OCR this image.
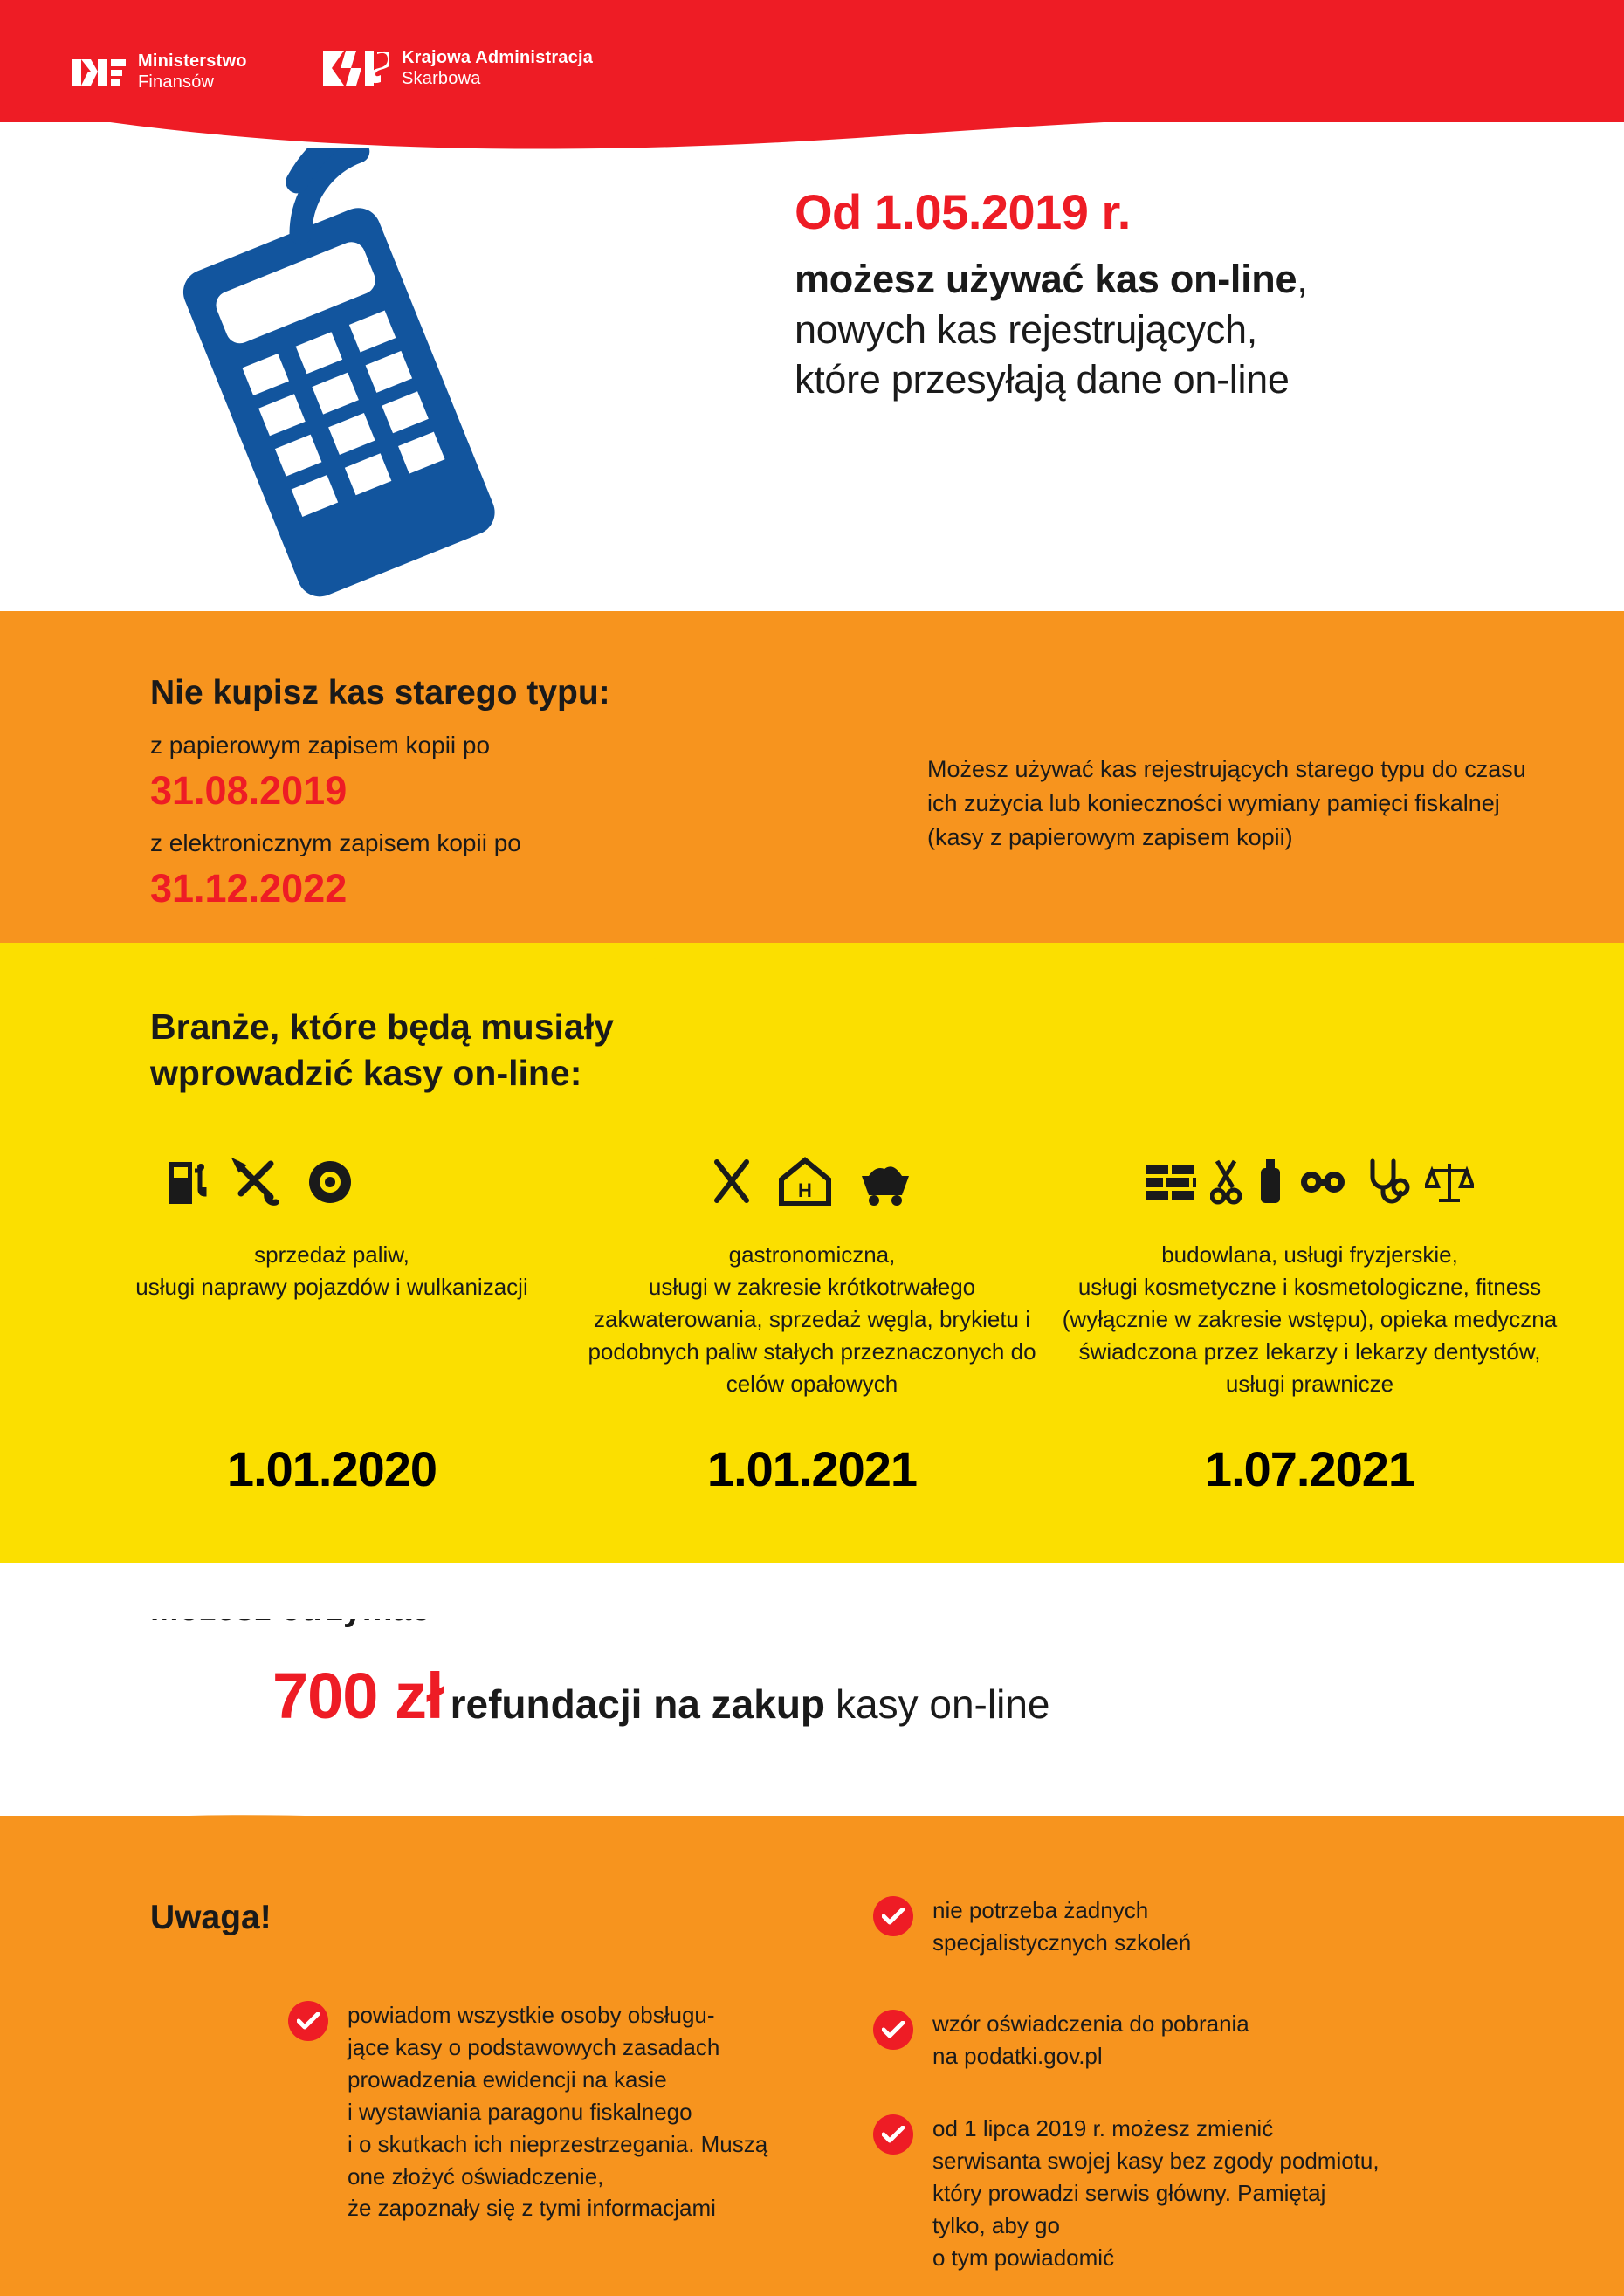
Ministerstwo
Finansów
Krajowa Administracja
Skarbowa
Od 1.05.2019 r.
możesz używać kas on-line,
nowych kas rejestrujących,
które przesyłają dane on-line
Nie kupisz kas starego typu:
z papierowym zapisem kopii po
31.08.2019
z elektronicznym zapisem kopii po
31.12.2022
Możesz używać kas rejestrujących starego typu do czasu ich zużycia lub konieczności wymiany pamięci fiskalnej (kasy z papierowym zapisem kopii)
Branże, które będą musiały
wprowadzić kasy on-line:
sprzedaż paliw,
usługi naprawy pojazdów i wulkanizacji
H
gastronomiczna,
usługi w zakresie krótkotrwałego zakwaterowania, sprzedaż węgla, brykietu i podobnych paliw stałych przeznaczonych do celów opałowych
budowlana, usługi fryzjerskie,
usługi kosmetyczne i kosmetologiczne, fitness (wyłącznie w zakresie wstępu), opieka medyczna świadczona przez lekarzy i lekarzy dentystów, usługi prawnicze
1.01.2020	1.01.2021	1.07.2021
700 zł refundacji na zakup kasy on-line
Uwaga!
powiadom wszystkie osoby obsługu-
jące kasy o podstawowych zasadach prowadzenia ewidencji na kasie
i wystawiania paragonu fiskalnego
i o skutkach ich nieprzestrzegania. Muszą one złożyć oświadczenie,
że zapoznały się z tymi informacjami
nie potrzeba żadnych
specjalistycznych szkoleń
wzór oświadczenia do pobrania
na podatki.gov.pl
od 1 lipca 2019 r. możesz zmienić serwisanta swojej kasy bez zgody podmiotu, który prowadzi serwis główny. Pamiętaj tylko, aby go
o tym powiadomić
